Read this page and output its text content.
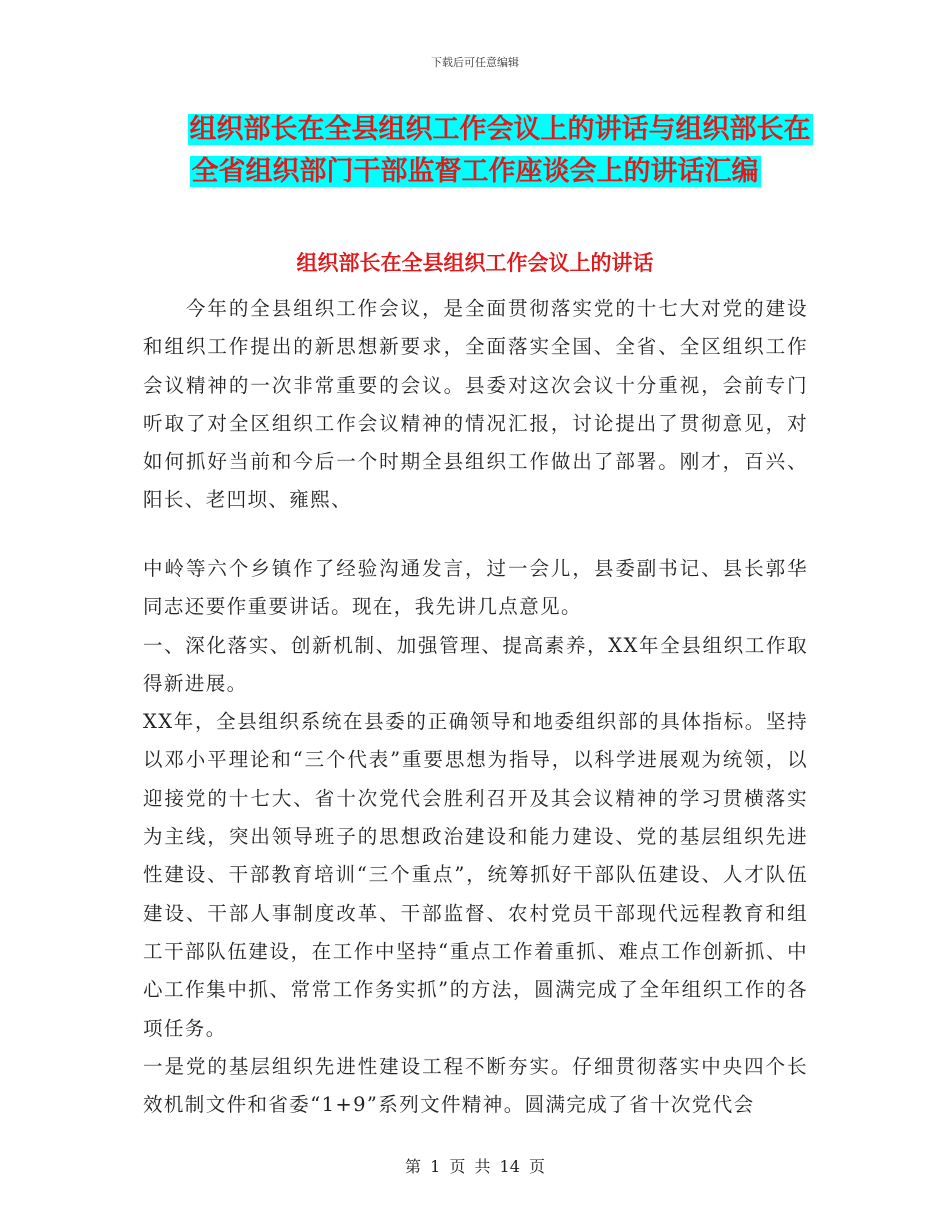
下载后可任意编辑
组织部长在全县组织工作会议上的讲话与组织部长在
全省组织部门干部监督工作座谈会上的讲话汇编
组织部长在全县组织工作会议上的讲话

今年的全县组织工作会议，是全面贯彻落实党的十七大对党的建设和组织工作提出的新思想新要求，全面落实全国、全省、全区组织工作会议精神的一次非常重要的会议。县委对这次会议十分重视，会前专门听取了对全区组织工作会议精神的情况汇报，讨论提出了贯彻意见，对如何抓好当前和今后一个时期全县组织工作做出了部署。刚才，百兴、阳长、老凹坝、雍熙、

中岭等六个乡镇作了经验沟通发言，过一会儿，县委副书记、县长郭华同志还要作重要讲话。现在，我先讲几点意见。

一、深化落实、创新机制、加强管理、提高素养，XX年全县组织工作取得新进展。

XX年，全县组织系统在县委的正确领导和地委组织部的具体指标。坚持以邓小平理论和“三个代表”重要思想为指导，以科学进展观为统领，以迎接党的十七大、省十次党代会胜利召开及其会议精神的学习贯横落实为主线，突出领导班子的思想政治建设和能力建设、党的基层组织先进性建设、干部教育培训“三个重点”，统筹抓好干部队伍建设、人才队伍建设、干部人事制度改革、干部监督、农村党员干部现代远程教育和组工干部队伍建设，在工作中坚持“重点工作着重抓、难点工作创新抓、中心工作集中抓、常常工作务实抓”的方法，圆满完成了全年组织工作的各项任务。

一是党的基层组织先进性建设工程不断夯实。仔细贯彻落实中央四个长效机制文件和省委“1+9”系列文件精神。圆满完成了省十次党代会

第 1 页 共 14 页
